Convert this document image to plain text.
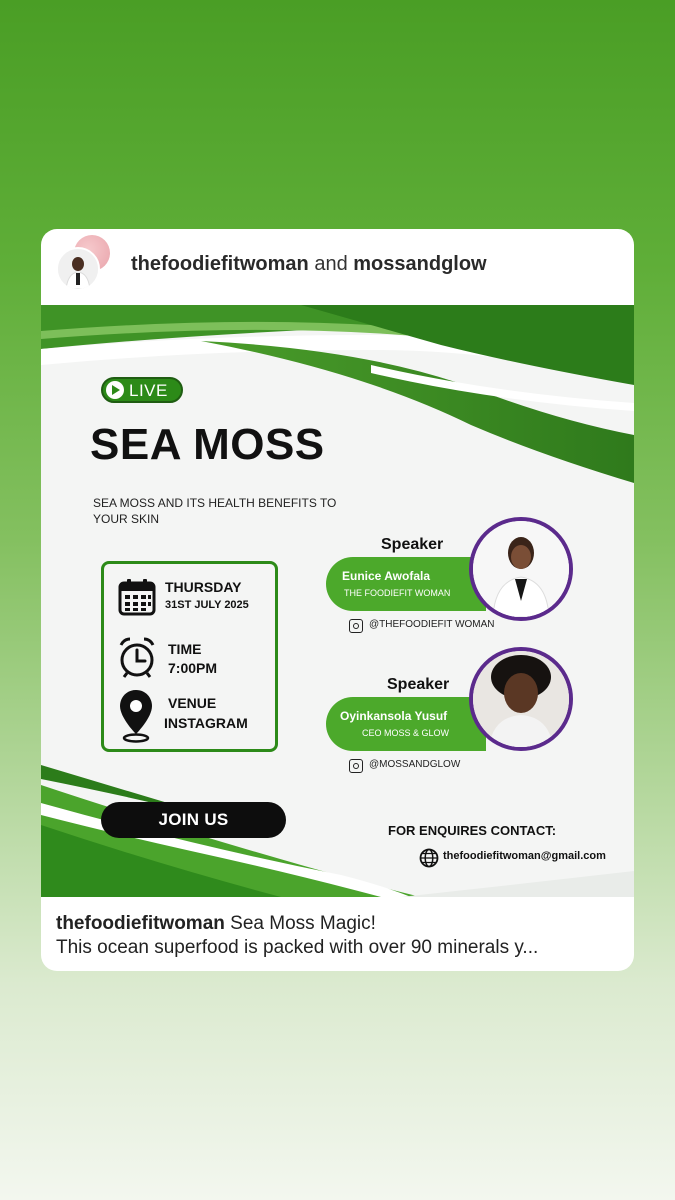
thefoodiefitwoman and mossandglow
LIVE
SEA MOSS
SEA MOSS AND ITS HEALTH BENEFITS TO YOUR SKIN
THURSDAY
31ST JULY 2025
TIME
7:00PM
VENUE
INSTAGRAM
Speaker
Eunice Awofala
THE FOODIEFIT WOMAN
@THEFOODIEFIT WOMAN
Speaker
Oyinkansola Yusuf
CEO MOSS & GLOW
@MOSSANDGLOW
JOIN US
FOR ENQUIRES CONTACT:
thefoodiefitwoman@gmail.com
thefoodiefitwoman Sea Moss Magic!
This ocean superfood is packed with over 90 minerals y...
